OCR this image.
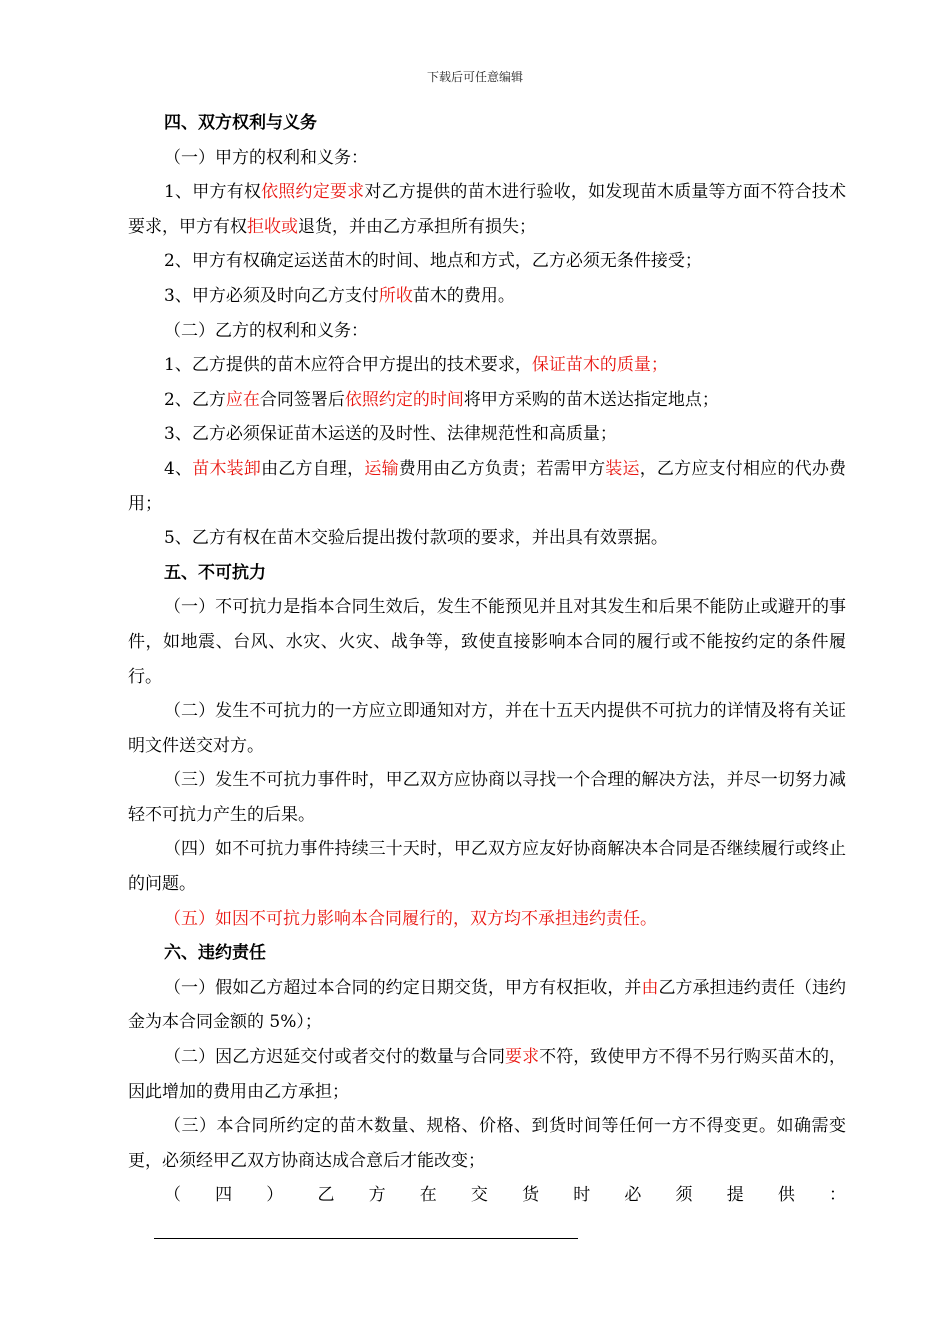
下载后可任意编辑

四、双方权利与义务

（一）甲方的权利和义务：

1、甲方有权依照约定要求对乙方提供的苗木进行验收，如发现苗木质量等方面不符合技术要求，甲方有权拒收或退货，并由乙方承担所有损失；

2、甲方有权确定运送苗木的时间、地点和方式，乙方必须无条件接受；

3、甲方必须及时向乙方支付所收苗木的费用。

（二）乙方的权利和义务：

1、乙方提供的苗木应符合甲方提出的技术要求，保证苗木的质量；

2、乙方应在合同签署后依照约定的时间将甲方采购的苗木送达指定地点；

3、乙方必须保证苗木运送的及时性、法律规范性和高质量；

4、苗木装卸由乙方自理，运输费用由乙方负责；若需甲方装运，乙方应支付相应的代办费用；

5、乙方有权在苗木交验后提出拨付款项的要求，并出具有效票据。

五、不可抗力

（一）不可抗力是指本合同生效后，发生不能预见并且对其发生和后果不能防止或避开的事件，如地震、台风、水灾、火灾、战争等，致使直接影响本合同的履行或不能按约定的条件履行。

（二）发生不可抗力的一方应立即通知对方，并在十五天内提供不可抗力的详情及将有关证明文件送交对方。

（三）发生不可抗力事件时，甲乙双方应协商以寻找一个合理的解决方法，并尽一切努力减轻不可抗力产生的后果。

（四）如不可抗力事件持续三十天时，甲乙双方应友好协商解决本合同是否继续履行或终止的问题。

（五）如因不可抗力影响本合同履行的，双方均不承担违约责任。

六、违约责任

（一）假如乙方超过本合同的约定日期交货，甲方有权拒收，并由乙方承担违约责任（违约金为本合同金额的 5%）；

（二）因乙方迟延交付或者交付的数量与合同要求不符，致使甲方不得不另行购买苗木的，因此增加的费用由乙方承担；

（三）本合同所约定的苗木数量、规格、价格、到货时间等任何一方不得变更。如确需变更，必须经甲乙双方协商达成合意后才能改变；

（四）乙方在交货时必须提供：
